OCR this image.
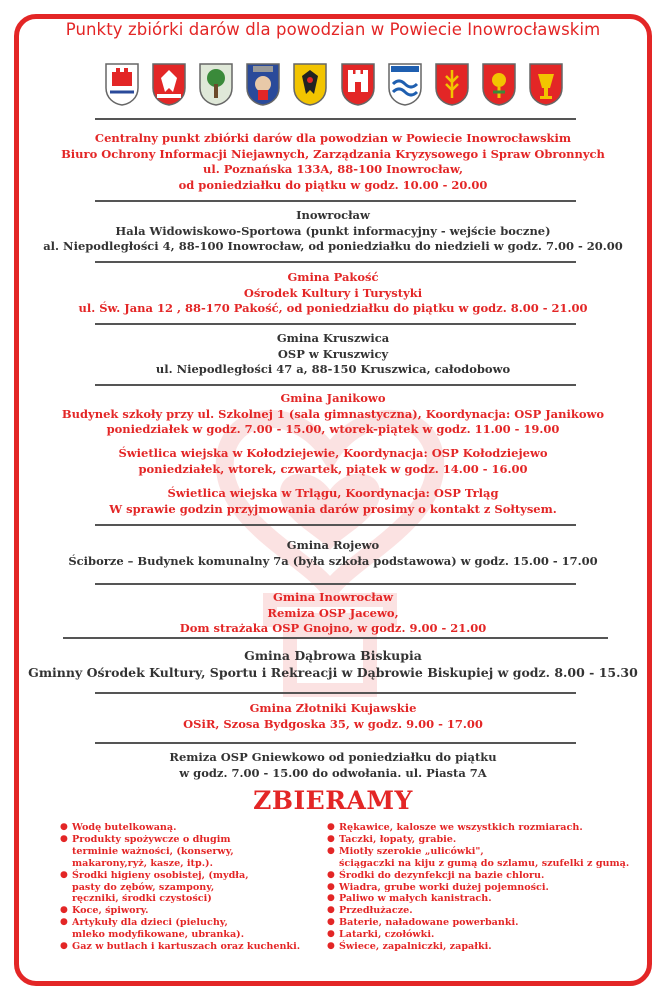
Punkty zbiórki darów dla powodzian w Powiecie Inowrocławskim
Centralny punkt zbiórki darów dla powodzian w Powiecie Inowrocławskim
Biuro Ochrony Informacji Niejawnych, Zarządzania Kryzysowego i Spraw Obronnych
ul. Poznańska 133A, 88-100 Inowrocław,
od poniedziałku do piątku w godz. 10.00 - 20.00
Inowrocław
Hala Widowiskowo-Sportowa (punkt informacyjny - wejście boczne)
al. Niepodległości 4, 88-100 Inowrocław, od poniedziałku do niedzieli w godz. 7.00 - 20.00
Gmina Pakość
Ośrodek Kultury i Turystyki
ul. Św. Jana 12 , 88-170 Pakość, od poniedziałku do piątku w godz. 8.00 - 21.00
Gmina Kruszwica
OSP w Kruszwicy
ul. Niepodległości 47 a, 88-150 Kruszwica, całodobowo
Gmina Janikowo
Budynek szkoły przy ul. Szkolnej 1 (sala gimnastyczna), Koordynacja: OSP Janikowo
poniedziałek w godz. 7.00 - 15.00, wtorek-piątek w godz. 11.00 - 19.00
Świetlica wiejska w Kołodziejewie, Koordynacja: OSP Kołodziejewo
poniedziałek, wtorek, czwartek, piątek w godz. 14.00 - 16.00
Świetlica wiejska w Trlągu, Koordynacja: OSP Trląg
W sprawie godzin przyjmowania darów prosimy o kontakt z Sołtysem.
Gmina Rojewo
Ściborze – Budynek komunalny 7a (była szkoła podstawowa) w godz. 15.00 - 17.00
Gmina Inowrocław
Remiza OSP Jacewo,
Dom strażaka OSP Gnojno, w godz. 9.00 - 21.00
Gmina Dąbrowa Biskupia
Gminny Ośrodek Kultury, Sportu i Rekreacji w Dąbrowie Biskupiej w godz. 8.00 - 15.30
Gmina Złotniki Kujawskie
OSiR, Szosa Bydgoska 35, w godz. 9.00 - 17.00
Remiza OSP Gniewkowo od poniedziałku do piątku
w godz. 7.00 - 15.00 do odwołania. ul. Piasta 7A
ZBIERAMY
● Wodę butelkowaną.
● Produkty spożywcze o długim
terminie ważności, (konserwy,
makarony,ryż, kasze, itp.).
● Środki higieny osobistej, (mydła,
pasty do zębów, szampony,
ręczniki, środki czystości)
● Koce, śpiwory.
● Artykuły dla dzieci (pieluchy,
mleko modyfikowane, ubranka).
● Gaz w butlach i kartuszach oraz kuchenki.
● Rękawice, kalosze we wszystkich rozmiarach.
● Taczki, łopaty, grabie.
● Miotły szerokie „ulicówki",
ściągaczki na kiju z gumą do szlamu, szufelki z gumą.
● Środki do dezynfekcji na bazie chloru.
● Wiadra, grube worki dużej pojemności.
● Paliwo w małych kanistrach.
● Przedłużacze.
● Baterie, naładowane powerbanki.
● Latarki, czołówki.
● Świece, zapalniczki, zapałki.
